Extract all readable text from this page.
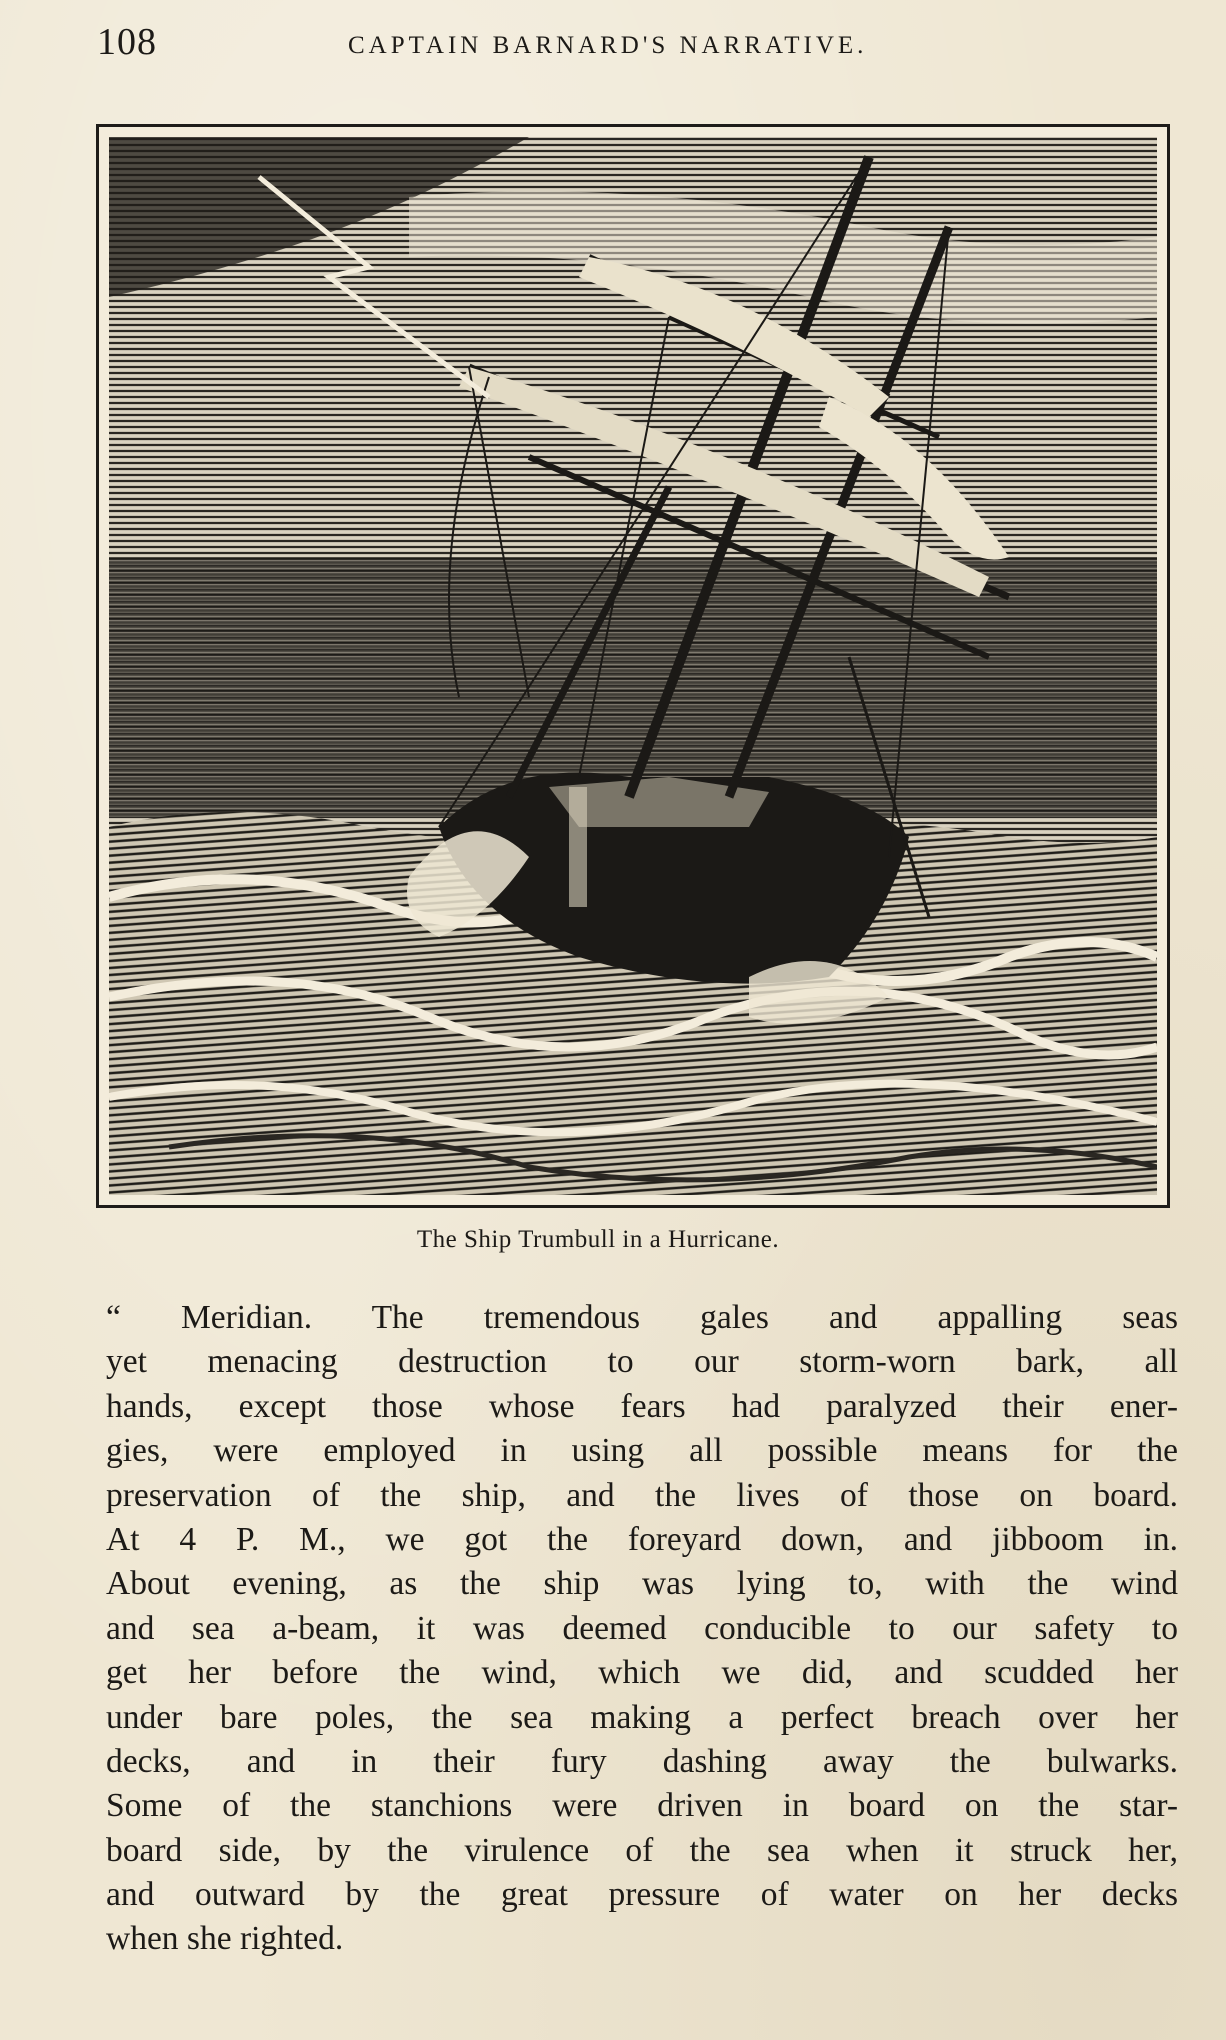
108	CAPTAIN BARNARD'S NARRATIVE.
The Ship Trumbull in a Hurricane.
“ Meridian. The tremendous gales and appalling seas
yet menacing destruction to our storm-worn bark, all
hands, except those whose fears had paralyzed their ener-
gies, were employed in using all possible means for the
preservation of the ship, and the lives of those on board.
At 4 P. M., we got the foreyard down, and jibboom in.
About evening, as the ship was lying to, with the wind
and sea a-beam, it was deemed conducible to our safety to
get her before the wind, which we did, and scudded her
under bare poles, the sea making a perfect breach over her
decks, and in their fury dashing away the bulwarks.
Some of the stanchions were driven in board on the star-
board side, by the virulence of the sea when it struck her,
and outward by the great pressure of water on her decks
when she righted.
